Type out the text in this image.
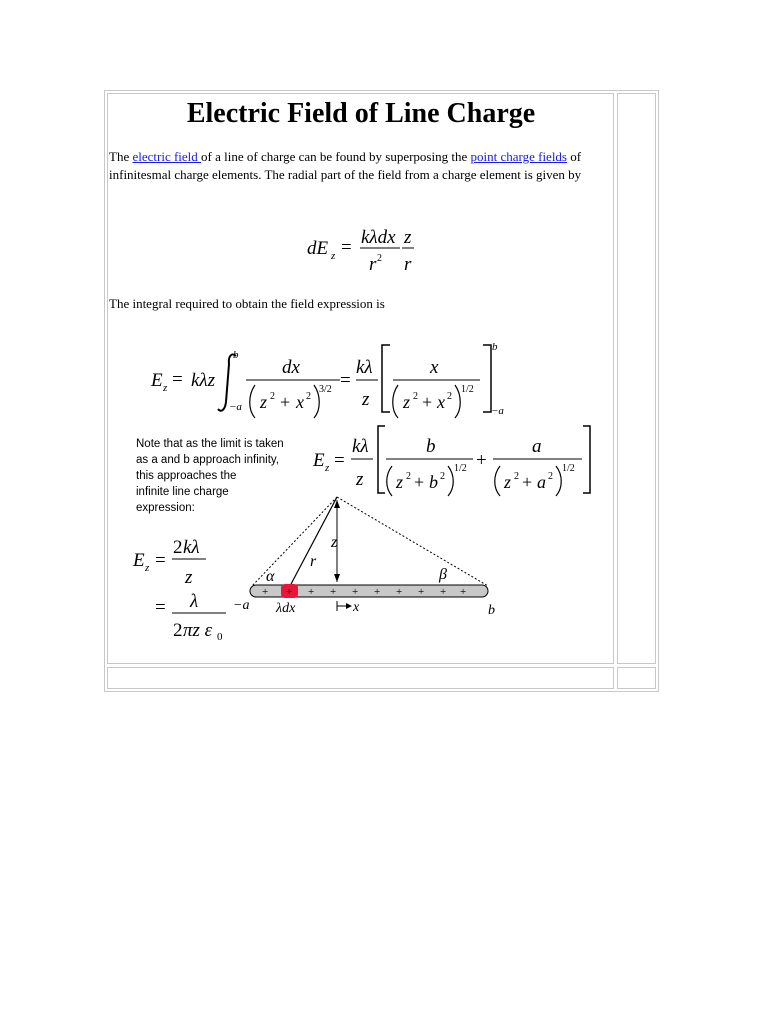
Electric Field of Line Charge
The electric field of a line of charge can be found by superposing the point charge fields of infinitesmal charge elements. The radial part of the field from a charge element is given by
dE z = kλdx
r 2
z
r
The integral required to obtain the field expression is
E z = kλz
b
−a
dx
z 2 + x 2
3/2 =
kλ
z
x
z 2 + x 2
1/2
b
−a
Note that as the limit is taken
as a and b approach infinity,
this approaches the
infinite line charge
expression:
E z =
kλ
z
b
z 2 + b 2
1/2 +
a
z 2 + a 2
1/2
E z =
2 kλ
z
= λ
2 πz ε 0
+ + + + + + + + + +
α	β
r
z
−a	b
λdx	x
